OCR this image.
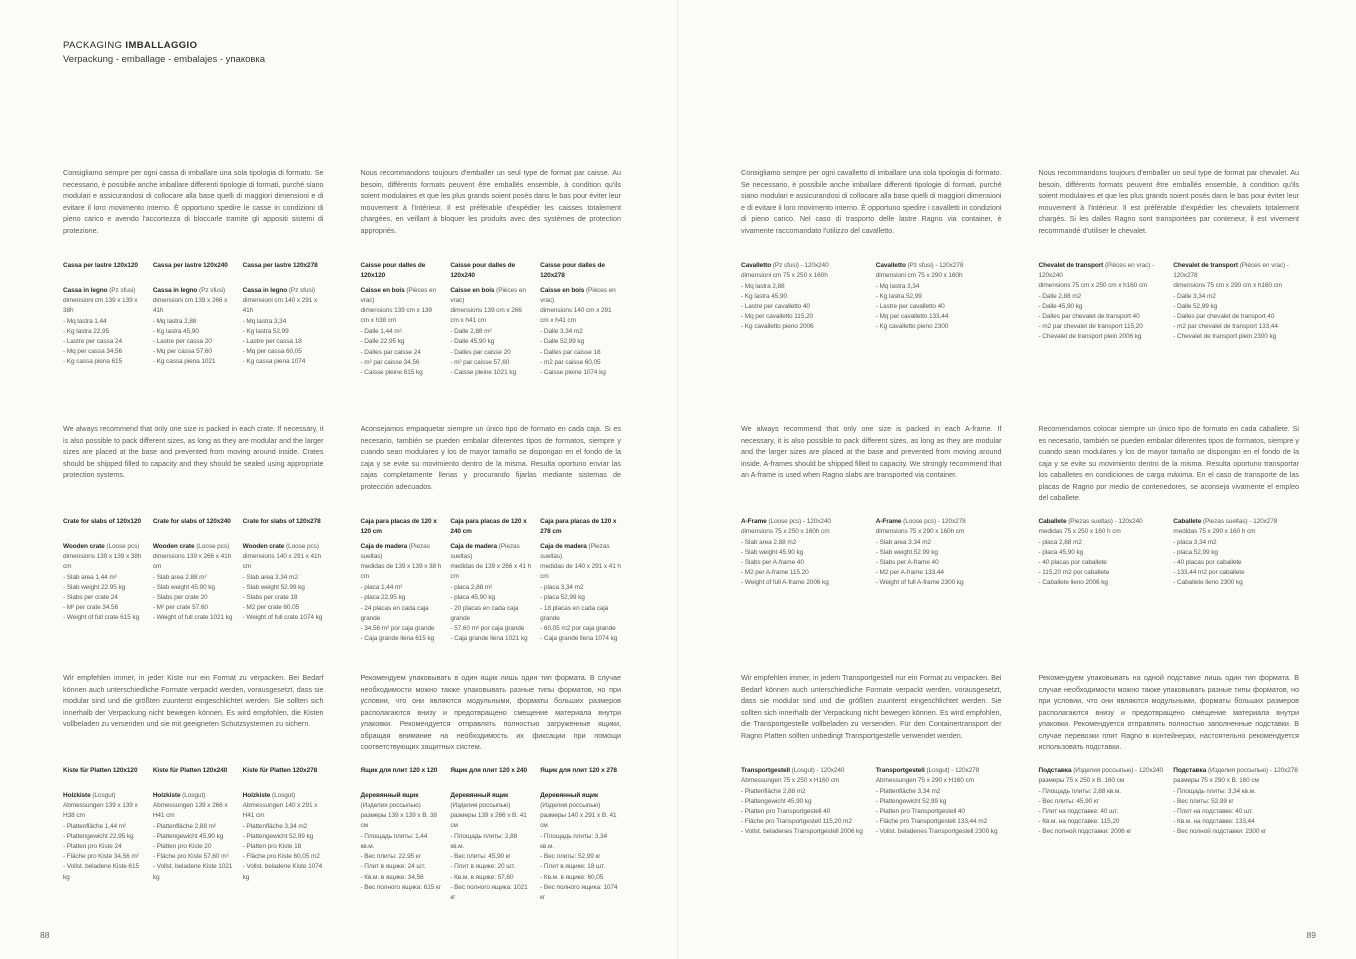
PACKAGING IMBALLAGGIO
Verpackung - emballage - embalajes - упаковка
88

Consigliamo sempre per ogni cassa di imballare una sola tipologia di formato. Se necessario, è possibile anche imballare differenti tipologie di formati, purché siano modulari e assicurandosi di collocare alla base quelli di maggiori dimensioni e di evitare il loro movimento interno. È opportuno spedire le casse in condizioni di pieno carico e avendo l'accortezza di bloccarle tramite gli appositi sistemi di protezione.

Cassa per lastre 120x120
Cassa in legno (Pz sfusi)
dimensioni cm 139 x 139 x 38h
- Mq lastra 1,44
- Kg lastra 22,95
- Lastre per cassa 24
- Mq per cassa 34,56
- Kg cassa piena 615
Cassa per lastre 120x240
Cassa in legno (Pz sfusi)
dimensioni cm 139 x 266 x 41h
- Mq lastra 2,88
- Kg lastra 45,90
- Lastre per cassa 20
- Mq per cassa 57,60
- Kg cassa piena 1021
Cassa per lastre 120x278
Cassa in legno (Pz sfusi)
dimensioni cm 140 x 291 x 41h
- Mq lastra 3,34
- Kg lastra 52,99
- Lastre per cassa 18
- Mq per cassa 60,05
- Kg cassa piena 1074

Nous recommandons toujours d'emballer un seul type de format par caisse. Au besoin, différents formats peuvent être emballés ensemble, à condition qu'ils soient modulaires et que les plus grands soient posés dans le bas pour éviter leur mouvement à l'intérieur. Il est préférable d'expédier les caisses totalement chargées, en veillant à bloquer les produits avec des systèmes de protection appropriés.

Caisse pour dalles de 120x120
Caisse en bois (Pièces en vrac)
dimensions 139 cm x 139 cm x h38 cm
- Dalle 1,44 m²
- Dalle 22,95 kg
- Dalles par caisse 24
- m² par caisse 34,56
- Caisse pleine 615 kg
Caisse pour dalles de 120x240
Caisse en bois (Pièces en vrac)
dimensions 139 cm x 266 cm x h41 cm
- Dalle 2,88 m²
- Dalle 45,90 kg
- Dalles par caisse 20
- m² par caisse 57,60
- Caisse pleine 1021 kg
Caisse pour dalles de 120x278
Caisse en bois (Pièces en vrac)
dimensions 140 cm x 291 cm x h41 cm
- Dalle 3,34 m2
- Dalle 52,99 kg
- Dalles par caisse 18
- m2 par caisse 60,05
- Caisse pleine 1074 kg

We always recommend that only one size is packed in each crate. If necessary, it is also possible to pack different sizes, as long as they are modular and the larger sizes are placed at the base and prevented from moving around inside. Crates should be shipped filled to capacity and they should be sealed using appropriate protection systems.

Crate for slabs of 120x120
Wooden crate (Loose pcs)
dimensions 139 x 139 x 38h cm
- Slab area 1.44 m²
- Slab weight 22.95 kg
- Slabs per crate 24
- M² per crate 34.56
- Weight of full crate 615 kg
Crate for slabs of 120x240
Wooden crate (Loose pcs)
dimensions 139 x 266 x 41h cm
- Slab area 2.88 m²
- Slab weight 45.90 kg
- Slabs per crate 20
- M² per crate 57.60
- Weight of full crate 1021 kg
Crate for slabs of 120x278
Wooden crate (Loose pcs)
dimensions 140 x 291 x 41h cm
- Slab area 3.34 m2
- Slab weight 52.99 kg
- Slabs per crate 18
- M2 per crate 60.05
- Weight of full crate 1074 kg

Aconsejamos empaquetar siempre un único tipo de formato en cada caja. Si es necesario, también se pueden embalar diferentes tipos de formatos, siempre y cuando sean modulares y los de mayor tamaño se dispongan en el fondo de la caja y se evite su movimiento dentro de la misma. Resulta oportuno enviar las cajas completamente llenas y procurando fijarlas mediante sistemas de protección adecuados.

Caja para placas de 120 x 120 cm
Caja de madera (Piezas sueltas)
medidas de 139 x 139 x 38 h cm
- placa 1,44 m²
- placa 22,95 kg
- 24 placas en cada caja grande
- 34,56 m² por caja grande
- Caja grande llena 615 kg
Caja para placas de 120 x 240 cm
Caja de madera (Piezas sueltas)
medidas de 139 x 266 x 41 h cm
- placa 2,88 m²
- placa 45,90 kg
- 20 placas en cada caja grande
- 57,60 m² por caja grande
- Caja grande llena 1021 kg
Caja para placas de 120 x 278 cm
Caja de madera (Piezas sueltas)
medidas de 140 x 291 x 41 h cm
- placa 3,34 m2
- placa 52,99 kg
- 18 placas en cada caja grande
- 60,05 m2 por caja grande
- Caja grande llena 1074 kg

Wir empfehlen immer, in jeder Kiste nur ein Format zu verpacken. Bei Bedarf können auch unterschiedliche Formate verpackt werden, vorausgesetzt, dass sie modular sind und die größten zuunterst eingeschlichtet werden. Sie sollten sich innerhalb der Verpackung nicht bewegen können. Es wird empfohlen, die Kisten vollbeladen zu versenden und sie mit geeigneten Schutzsystemen zu sichern.

Kiste für Platten 120x120
Holzkiste (Losgut)
Abmessungen 139 x 139 x H38 cm
- Plattenfläche 1,44 m²
- Plattengewicht 22,95 kg
- Platten pro Kiste 24
- Fläche pro Kiste 34,56 m²
- Vollst. beladene Kiste 615 kg
Kiste für Platten 120x240
Holzkiste (Losgut)
Abmessungen 139 x 266 x H41 cm
- Plattenfläche 2,88 m²
- Plattengewicht 45,90 kg
- Platten pro Kiste 20
- Fläche pro Kiste 57,60 m²
- Vollst. beladene Kiste 1021 kg
Kiste für Platten 120x278
Holzkiste (Losgut)
Abmessungen 140 x 291 x H41 cm
- Plattenfläche 3,34 m2
- Plattengewicht 52,99 kg
- Platten pro Kiste 18
- Fläche pro Kiste 60,05 m2
- Vollst. beladene Kiste 1074 kg

Рекомендуем упаковывать в один ящик лишь один тип формата. В случае необходимости можно также упаковывать разные типы форматов, но при условии, что они являются модульными, форматы больших размеров располагаются внизу и предотвращено смещение материала внутри упаковки. Рекомендуется отправлять полностью загруженные ящики, обращая внимание на необходимость их фиксации при помощи соответствующих защитных систем.

Ящик для плит 120 х 120
Деревянный ящик (Изделия россыпью)
размеры 139 х 139 х В. 38 см
- Площадь плиты: 1,44 кв.м.
- Вес плиты: 22,95 кг
- Плит в ящике: 24 шт.
- Кв.м. в ящике: 34,56
- Вес полного ящика: 615 кг
Ящик для плит 120 х 240
Деревянный ящик (Изделия россыпью)
размеры 139 х 266 х В. 41 см
- Площадь плиты: 2,88 кв.м.
- Вес плиты: 45,90 кг
- Плит в ящике: 20 шт.
- Кв.м. в ящике: 57,60
- Вес полного ящика: 1021 кг
Ящик для плит 120 х 278
Деревянный ящик (Изделия россыпью)
размеры 140 х 291 х В. 41 см
- Площадь плиты: 3,34 кв.м.
- Вес плиты: 52,99 кг
- Плит в ящике: 18 шт.
- Кв.м. в ящике: 60,05
- Вес полного ящика: 1074 кг
89

Consigliamo sempre per ogni cavalletto di imballare una sola tipologia di formato. Se necessario, è possibile anche imballare differenti tipologie di formati, purché siano modulari e assicurandosi di collocare alla base quelli di maggiori dimensioni e di evitare il loro movimento interno. È opportuno spedire i cavalletti in condizioni di pieno carico. Nel caso di trasporto delle lastre Ragno via container, è vivamente raccomandato l'utilizzo del cavalletto.

Cavalletto (Pz sfusi) - 120x240
dimensioni cm 75 x 250 x 160h
- Mq lastra 2,88
- Kg lastra 45,90
- Lastre per cavalletto 40
- Mq per cavalletto 115,20
- Kg cavalletto pieno 2006
Cavalletto (Pz sfusi) - 120x278
dimensioni cm 75 x 290 x 160h
- Mq lastra 3,34
- Kg lastra 52,99
- Lastre per cavalletto 40
- Mq per cavalletto 133,44
- Kg cavalletto pieno 2300

Nous recommandons toujours d'emballer un seul type de format par chevalet. Au besoin, différents formats peuvent être emballés ensemble, à condition qu'ils soient modulaires et que les plus grands soient posés dans le bas pour éviter leur mouvement à l'intérieur. Il est préférable d'expédier les chevalets totalement chargés. Si les dalles Ragno sont transportées par conteneur, il est vivement recommandé d'utiliser le chevalet.

Chevalet de transport (Pièces en vrac) - 120x240
dimensions 75 cm x 250 cm x h160 cm
- Dalle 2,88 m2
- Dalle 45,90 kg
- Dalles par chevalet de transport 40
- m2 par chevalet de transport 115,20
- Chevalet de transport plein 2006 kg
Chevalet de transport (Pièces en vrac) - 120x278
dimensions 75 cm x 290 cm x h160 cm
- Dalle 3,34 m2
- Dalle 52,99 kg
- Dalles par chevalet de transport 40
- m2 par chevalet de transport 133,44
- Chevalet de transport plein 2300 kg

We always recommend that only one size is packed in each A-frame. If necessary, it is also possible to pack different sizes, as long as they are modular and the larger sizes are placed at the base and prevented from moving around inside. A-frames should be shipped filled to capacity. We strongly recommend that an A-frame is used when Ragno slabs are transported via container.

A-Frame (Loose pcs) - 120x240
dimensions 75 x 250 x 160h cm
- Slab area 2.88 m2
- Slab weight 45.90 kg
- Slabs per A-frame 40
- M2 per A-frame 115.20
- Weight of full A-frame 2006 kg
A-Frame (Loose pcs) - 120x278
dimensions 75 x 290 x 160h cm
- Slab area 3.34 m2
- Slab weight 52.99 kg
- Slabs per A-frame 40
- M2 per A-frame 133.44
- Weight of full A-frame 2300 kg

Recomendamos colocar siempre un único tipo de formato en cada caballete. Si es necesario, también se pueden embalar diferentes tipos de formatos, siempre y cuando sean modulares y los de mayor tamaño se dispongan en el fondo de la caja y se evite su movimiento dentro de la misma. Resulta oportuno transportar los caballetes en condiciones de carga máxima. En el caso de transporte de las placas de Ragno por medio de contenedores, se aconseja vivamente el empleo del caballete.

Caballete (Piezas sueltas) - 120x240
medidas 75 x 250 x 160 h cm
- placa 2,88 m2
- placa 45,90 kg
- 40 placas por caballete
- 115,20 m2 por caballete
- Caballete lleno 2006 kg
Caballete (Piezas sueltas) - 120x278
medidas 75 x 290 x 160 h cm
- placa 3,34 m2
- placa 52,99 kg
- 40 placas por caballete
- 133,44 m2 por caballete
- Caballete lleno 2300 kg

Wir empfehlen immer, in jedem Transportgestell nur ein Format zu verpacken. Bei Bedarf können auch unterschiedliche Formate verpackt werden, vorausgesetzt, dass sie modular sind und die größten zuunterst eingeschlichtet werden. Sie sollten sich innerhalb der Verpackung nicht bewegen können. Es wird empfohlen, die Transportgestelle vollbeladen zu versenden. Für den Containertransport der Ragno Platten sollten unbedingt Transportgestelle verwendet werden.

Transportgestell (Losgut) - 120x240
Abmessungen 75 x 250 x H160 cm
- Plattenfläche 2,88 m2
- Plattengewicht 45,90 kg
- Platten pro Transportgestell 40
- Fläche pro Transportgestell 115,20 m2
- Vollst. beladenes Transportgestell 2006 kg
Transportgestell (Losgut) - 120x278
Abmessungen 75 x 290 x H160 cm
- Plattenfläche 3,34 m2
- Plattengewicht 52,99 kg
- Platten pro Transportgestell 40
- Fläche pro Transportgestell 133,44 m2
- Vollst. beladenes Transportgestell 2300 kg

Рекомендуем упаковывать на одной подставке лишь один тип формата. В случае необходимости можно также упаковывать разные типы форматов, но при условии, что они являются модульными, форматы больших размеров располагаются внизу и предотвращено смещение материала внутри упаковки. Рекомендуется отправлять полностью заполненные подставки. В случае перевозки плит Ragno в контейнерах, настоятельно рекомендуется использовать подставки.

Подставка (Изделия россыпью) - 120x240
размеры 75 х 250 х В. 160 см
- Площадь плиты: 2,88 кв.м.
- Вес плиты: 45,90 кг
- Плит на подставке: 40 шт.
- Кв.м. на подставке: 115,20
- Вес полной подставки: 2006 кг
Подставка (Изделия россыпью) - 120x278
размеры 75 х 290 х В. 160 см
- Площадь плиты: 3,34 кв.м.
- Вес плиты: 52,99 кг
- Плит на подставке: 40 шт.
- Кв.м. на подставке: 133,44
- Вес полной подставки: 2300 кг
